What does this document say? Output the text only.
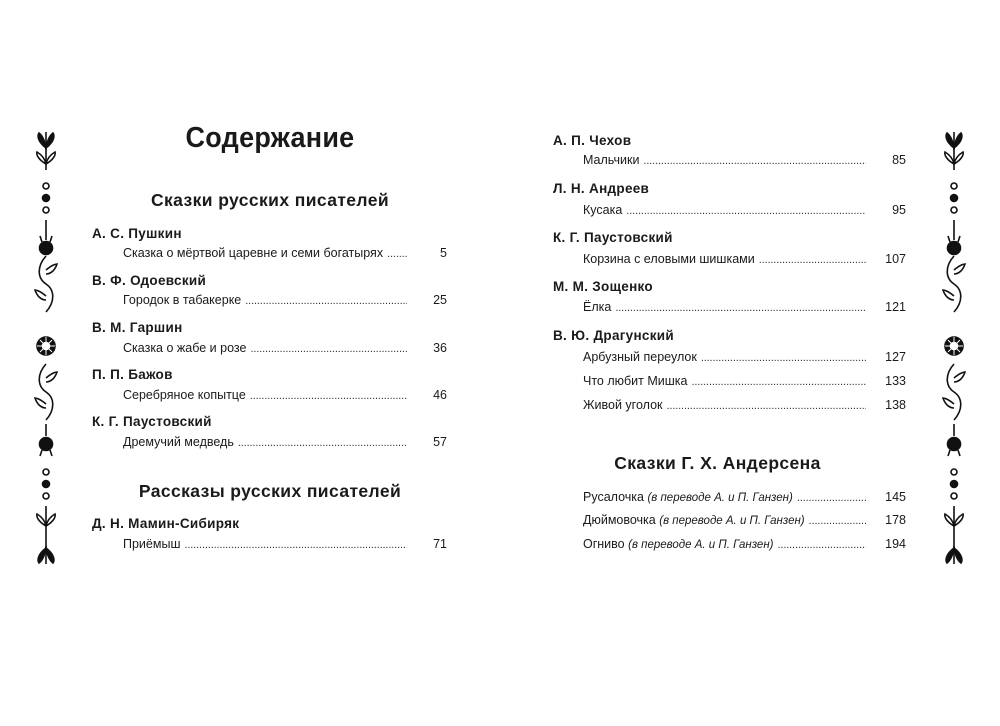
Содержание
Сказки русских писателей
А. С. Пушкин
Сказка о мёртвой царевне и семи богатырях . . .	5
В. Ф. Одоевский
Городок в табакерке . . .	25
В. М. Гаршин
Сказка о жабе и розе . . .	36
П. П. Бажов
Серебряное копытце . . .	46
К. Г. Паустовский
Дремучий медведь . . .	57
Рассказы русских писателей
Д. Н. Мамин-Сибиряк
Приёмыш . . .	71
А. П. Чехов
Мальчики . . .	85
Л. Н. Андреев
Кусака . . .	95
К. Г. Паустовский
Корзина с еловыми шишками . . .	107
М. М. Зощенко
Ёлка . . .	121
В. Ю. Драгунский
Арбузный переулок . . .	127
Что любит Мишка . . .	133
Живой уголок . . .	138
Сказки Г. Х. Андерсена
Русалочка (в переводе А. и П. Ганзен) . . .	145
Дюймовочка (в переводе А. и П. Ганзен) . . .	178
Огниво (в переводе А. и П. Ганзен) . . .	194
